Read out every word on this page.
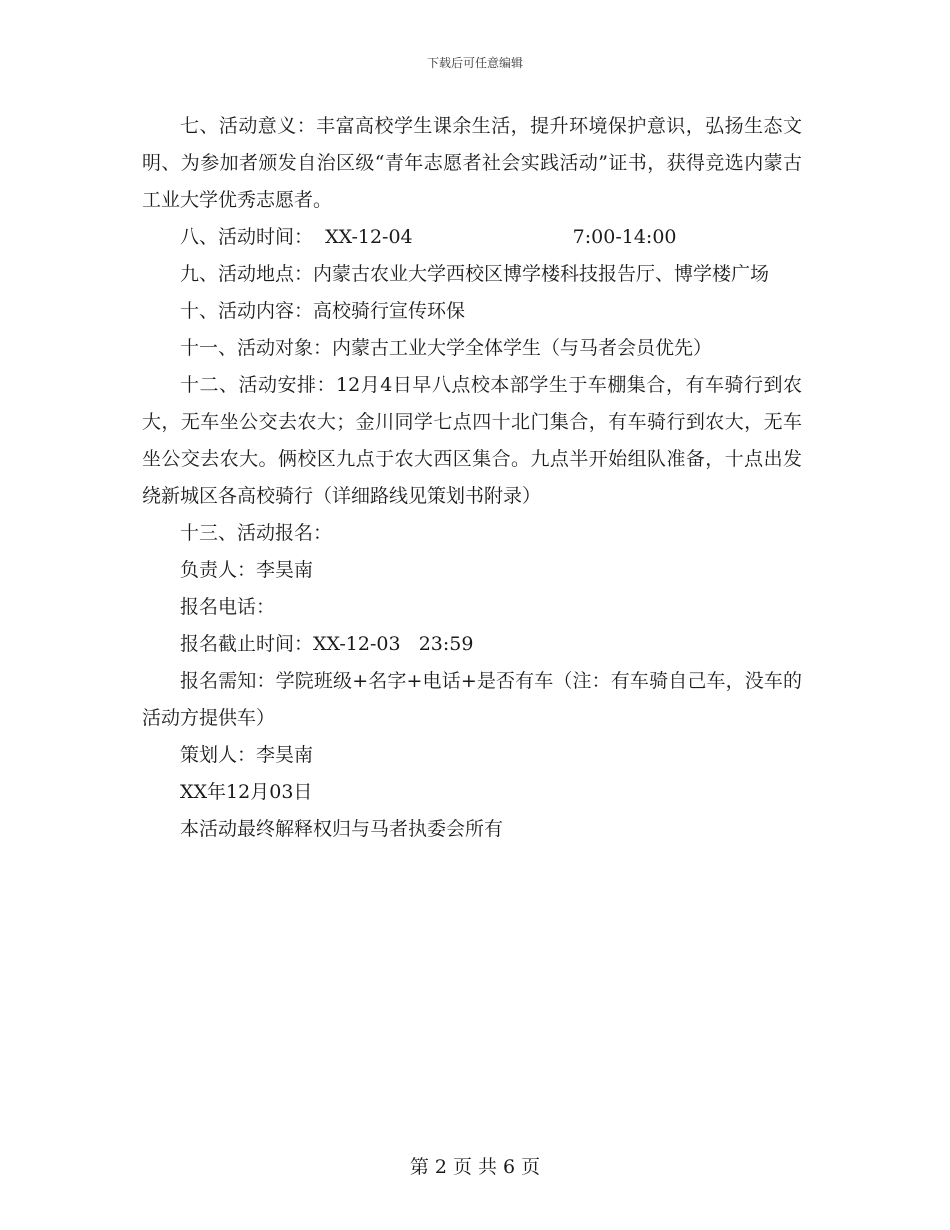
下载后可任意编辑

七、活动意义：丰富高校学生课余生活，提升环境保护意识，弘扬生态文明、为参加者颁发自治区级“青年志愿者社会实践活动”证书，获得竞选内蒙古工业大学优秀志愿者。

八、活动时间：  XX-12-04	7:00-14:00

九、活动地点：内蒙古农业大学西校区博学楼科技报告厅、博学楼广场

十、活动内容：高校骑行宣传环保

十一、活动对象：内蒙古工业大学全体学生（与马者会员优先）

十二、活动安排：12月4日早八点校本部学生于车棚集合，有车骑行到农大，无车坐公交去农大；金川同学七点四十北门集合，有车骑行到农大，无车坐公交去农大。俩校区九点于农大西区集合。九点半开始组队准备，十点出发绕新城区各高校骑行（详细路线见策划书附录）

十三、活动报名：

负责人：李昊南

报名电话：

报名截止时间：XX-12-03   23:59

报名需知：学院班级+名字+电话+是否有车（注：有车骑自己车，没车的活动方提供车）

策划人：李昊南

XX年12月03日

本活动最终解释权归与马者执委会所有

第 2 页 共 6 页
